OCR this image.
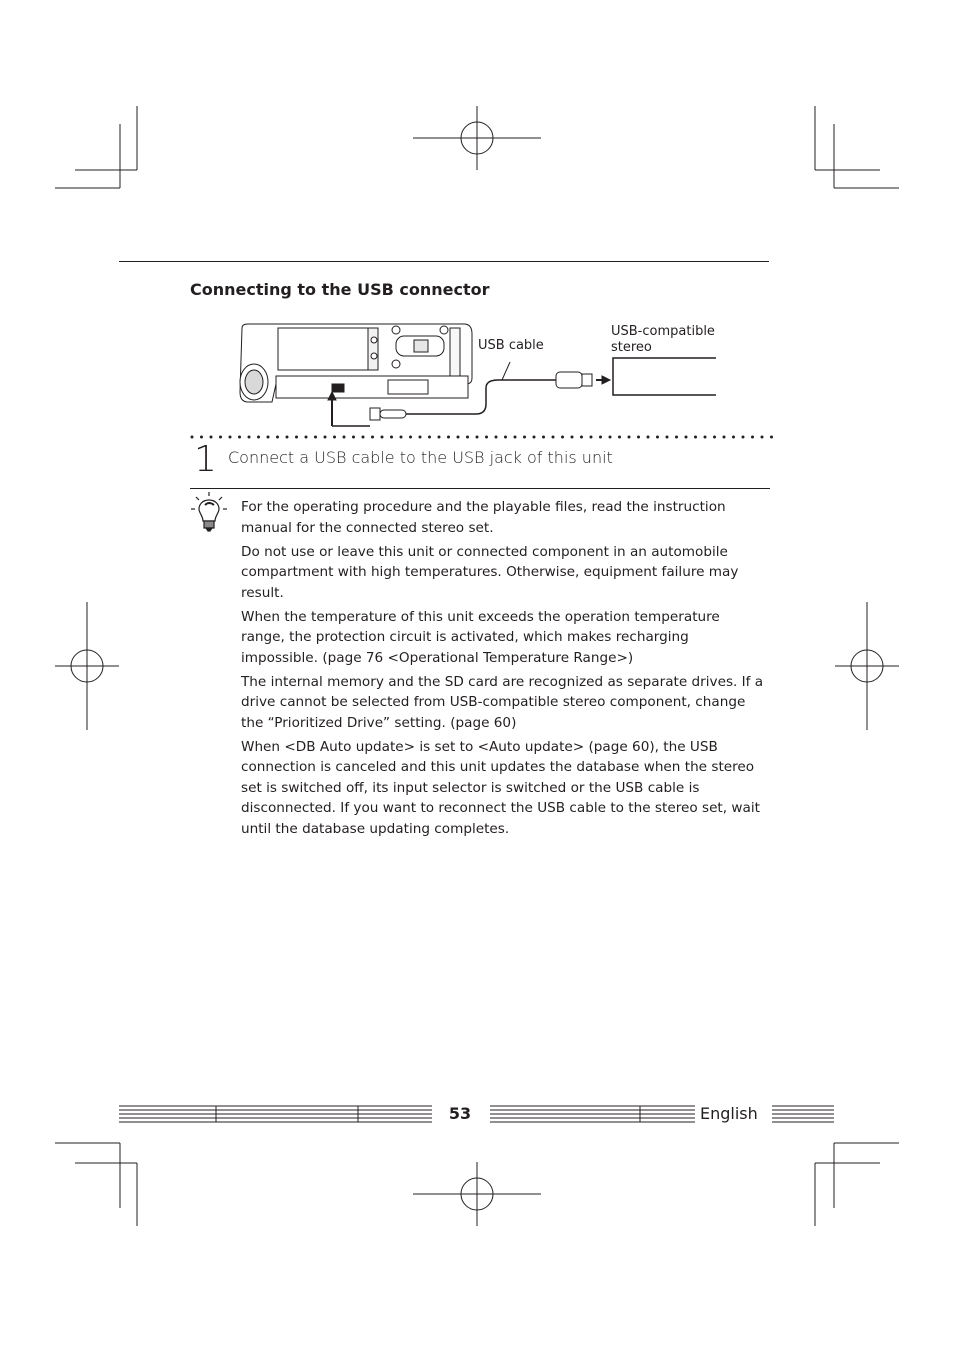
Connecting to the USB connector
USB cable
USB-compatible
stereo
1 Connect a USB cable to the USB jack of this unit

For the operating procedure and the playable files, read the instruction manual for the connected stereo set.

Do not use or leave this unit or connected component in an automobile compartment with high temperatures. Otherwise, equipment failure may result.

When the temperature of this unit exceeds the operation temperature range, the protection circuit is activated, which makes recharging impossible. (page 76 <Operational Temperature Range>)

The internal memory and the SD card are recognized as separate drives. If a drive cannot be selected from USB-compatible stereo component, change the “Prioritized Drive” setting. (page 60)

When <DB Auto update> is set to <Auto update> (page 60), the USB connection is canceled and this unit updates the database when the stereo set is switched off, its input selector is switched or the USB cable is disconnected. If you want to reconnect the USB cable to the stereo set, wait until the database updating completes.

53	English
